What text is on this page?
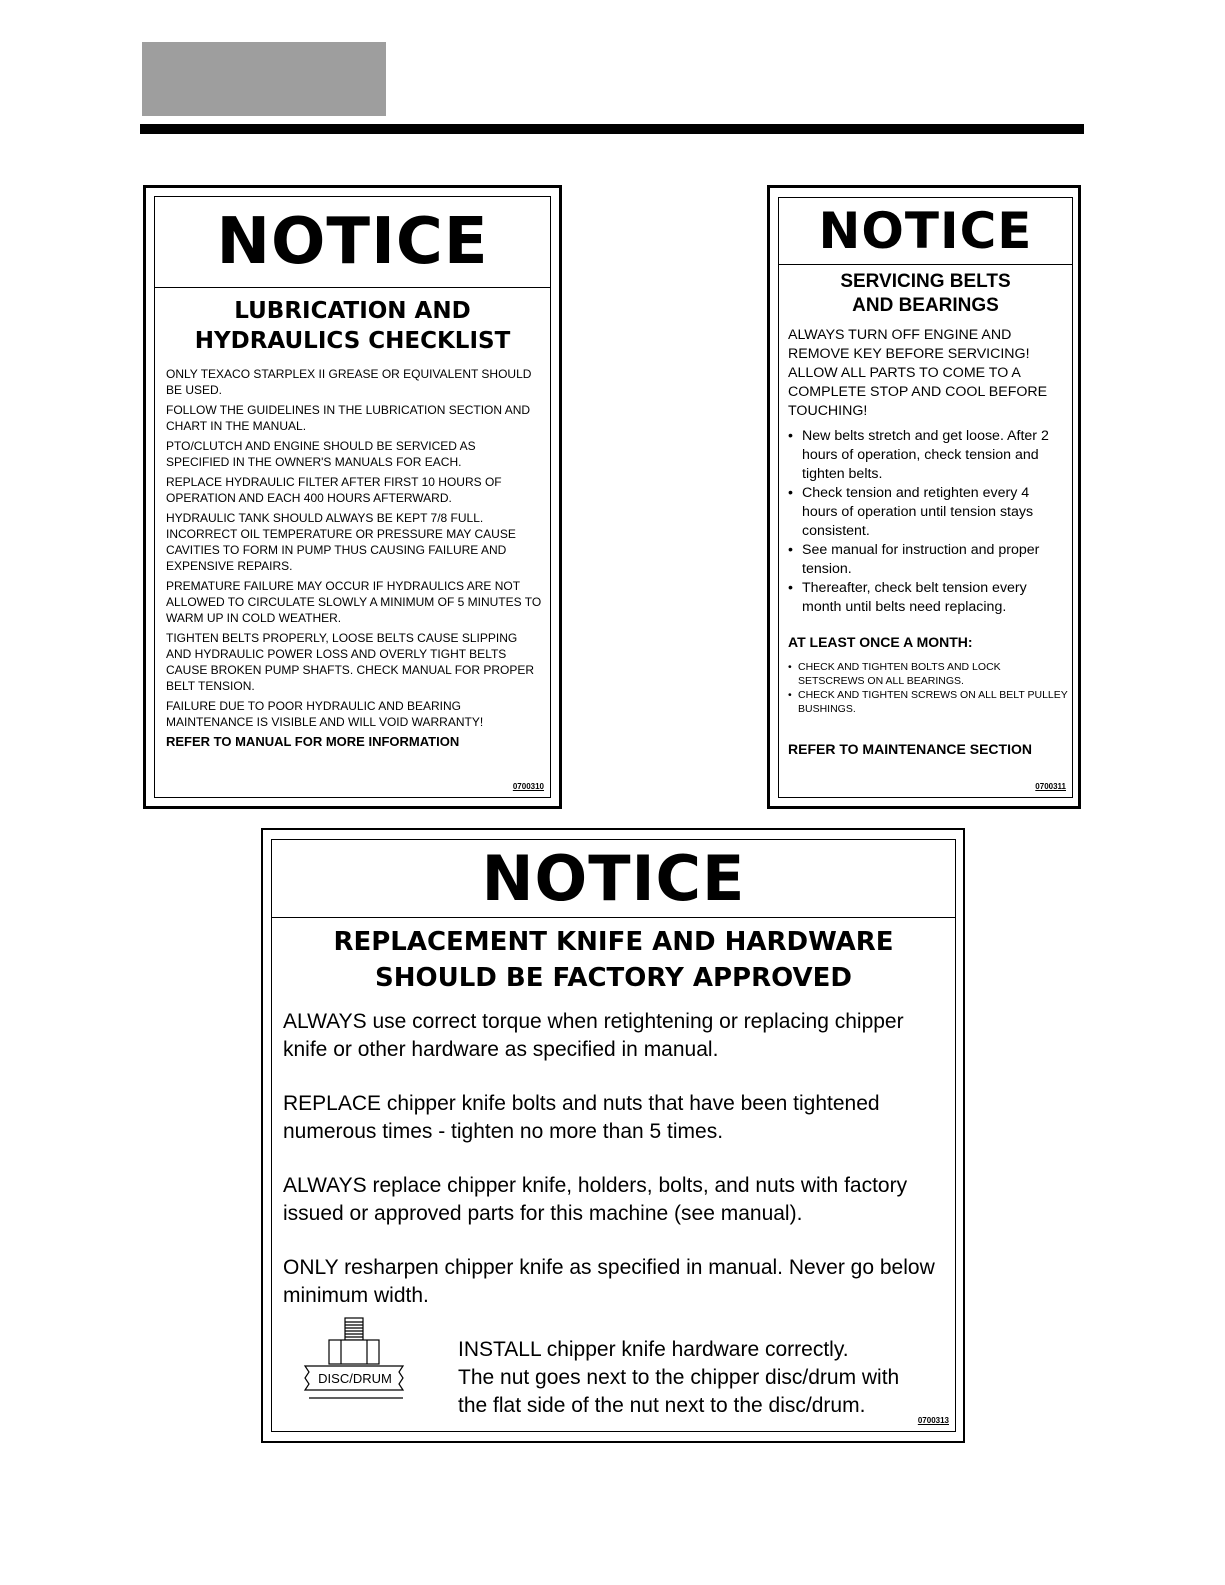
NOTICE
LUBRICATION AND
HYDRAULICS CHECKLIST

ONLY TEXACO STARPLEX II GREASE OR EQUIVALENT SHOULD BE USED.

FOLLOW THE GUIDELINES IN THE LUBRICATION SECTION AND CHART IN THE MANUAL.

PTO/CLUTCH AND ENGINE SHOULD BE SERVICED AS SPECIFIED IN THE OWNER'S MANUALS FOR EACH.

REPLACE HYDRAULIC FILTER AFTER FIRST 10 HOURS OF OPERATION AND EACH 400 HOURS AFTERWARD.

HYDRAULIC TANK SHOULD ALWAYS BE KEPT 7/8 FULL. INCORRECT OIL TEMPERATURE OR PRESSURE MAY CAUSE CAVITIES TO FORM IN PUMP THUS CAUSING FAILURE AND EXPENSIVE REPAIRS.

PREMATURE FAILURE MAY OCCUR IF HYDRAULICS ARE NOT ALLOWED TO CIRCULATE SLOWLY A MINIMUM OF 5 MINUTES TO WARM UP IN COLD WEATHER.

TIGHTEN BELTS PROPERLY, LOOSE BELTS CAUSE SLIPPING AND HYDRAULIC POWER LOSS AND OVERLY TIGHT BELTS CAUSE BROKEN PUMP SHAFTS. CHECK MANUAL FOR PROPER BELT TENSION.

FAILURE DUE TO POOR HYDRAULIC AND BEARING MAINTENANCE IS VISIBLE AND WILL VOID WARRANTY!

REFER TO MANUAL FOR MORE INFORMATION
0700310
NOTICE
SERVICING BELTS
AND BEARINGS

ALWAYS TURN OFF ENGINE AND REMOVE KEY BEFORE SERVICING! ALLOW ALL PARTS TO COME TO A COMPLETE STOP AND COOL BEFORE TOUCHING!

• New belts stretch and get loose. After 2 hours of operation, check tension and tighten belts.
• Check tension and retighten every 4 hours of operation until tension stays consistent.
• See manual for instruction and proper tension.
• Thereafter, check belt tension every month until belts need replacing.
AT LEAST ONCE A MONTH:
• CHECK AND TIGHTEN BOLTS AND LOCK SETSCREWS ON ALL BEARINGS.
• CHECK AND TIGHTEN SCREWS ON ALL BELT PULLEY BUSHINGS.
REFER TO MAINTENANCE SECTION
0700311
NOTICE
REPLACEMENT KNIFE AND HARDWARE
SHOULD BE FACTORY APPROVED

ALWAYS use correct torque when retightening or replacing chipper knife or other hardware as specified in manual.

REPLACE chipper knife bolts and nuts that have been tightened numerous times - tighten no more than 5 times.

ALWAYS replace chipper knife, holders, bolts, and nuts with factory issued or approved parts for this machine (see manual).

ONLY resharpen chipper knife as specified in manual. Never go below minimum width.

DISC/DRUM
INSTALL chipper knife hardware correctly.
The nut goes next to the chipper disc/drum with
the flat side of the nut next to the disc/drum.
0700313
